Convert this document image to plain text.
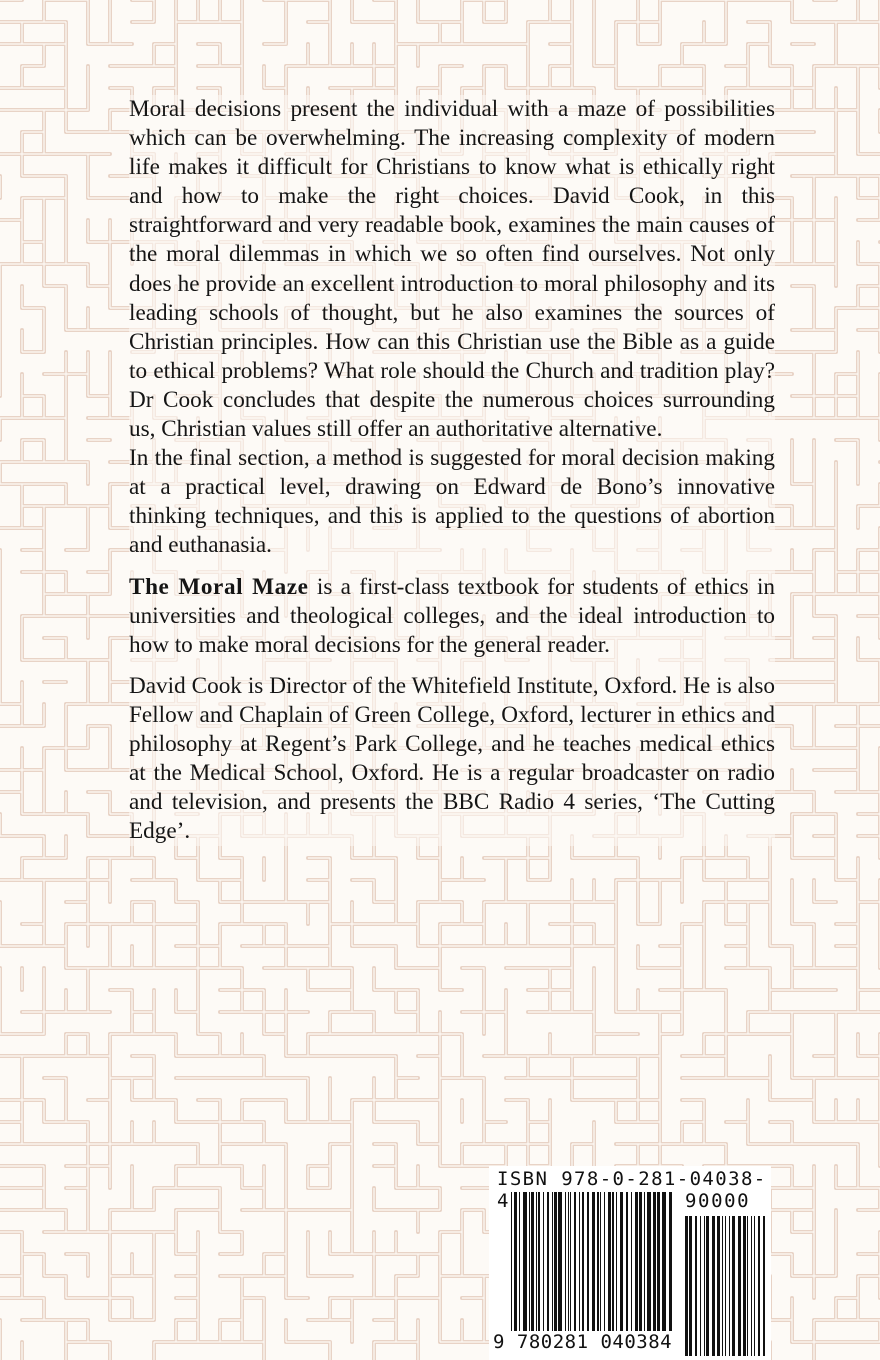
Moral decisions present the individual with a maze of possibilities which can be overwhelming. The increasing complexity of modern life makes it difficult for Christians to know what is ethically right and how to make the right choices. David Cook, in this straightforward and very readable book, examines the main causes of the moral dilemmas in which we so often find ourselves. Not only does he provide an excellent introduction to moral philosophy and its leading schools of thought, but he also examines the sources of Christian principles. How can this Christian use the Bible as a guide to ethical problems? What role should the Church and tradition play? Dr Cook concludes that despite the numerous choices surrounding us, Christian values still offer an authoritative alternative.

In the final section, a method is suggested for moral decision making at a practical level, drawing on Edward de Bono’s innovative thinking techniques, and this is applied to the questions of abortion and euthanasia.

The Moral Maze is a first-class textbook for students of ethics in universities and theological colleges, and the ideal introduction to how to make moral decisions for the general reader.

David Cook is Director of the Whitefield Institute, Oxford. He is also Fellow and Chaplain of Green College, Oxford, lecturer in ethics and philosophy at Regent’s Park College, and he teaches medical ethics at the Medical School, Oxford. He is a regular broadcaster on radio and television, and presents the BBC Radio 4 series, ‘The Cutting Edge’.

ISBN 978-0-281-04038-4	90000
9 780281 040384
